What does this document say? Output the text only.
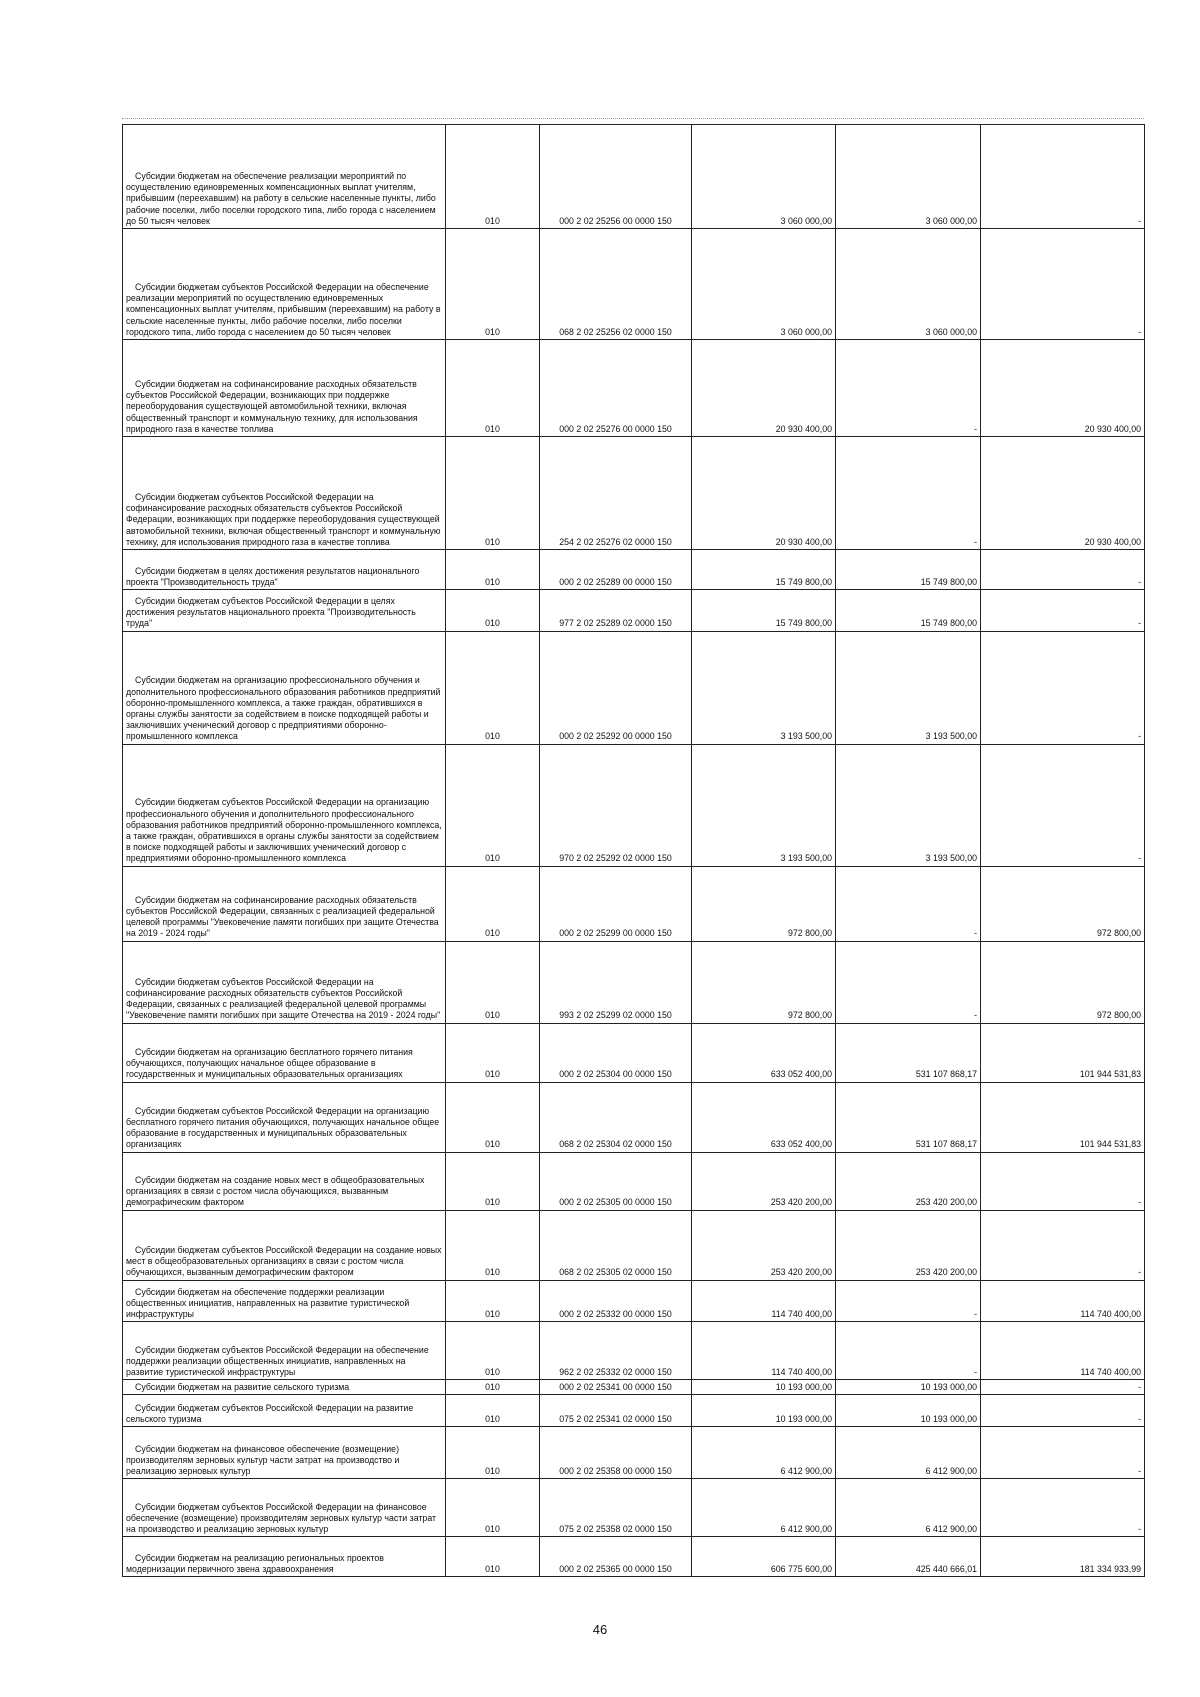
Субсидии бюджетам на обеспечение реализации мероприятий по осуществлению единовременных компенсационных выплат учителям, прибывшим (переехавшим) на работу в сельские населенные пункты, либо рабочие поселки, либо поселки городского типа, либо города с населением до 50 тысяч человек	010	000 2 02 25256 00 0000 150	3 060 000,00	3 060 000,00	-
Субсидии бюджетам субъектов Российской Федерации на обеспечение реализации мероприятий по осуществлению единовременных компенсационных выплат учителям, прибывшим (переехавшим) на работу в сельские населенные пункты, либо рабочие поселки, либо поселки городского типа, либо города с населением до 50 тысяч человек	010	068 2 02 25256 02 0000 150	3 060 000,00	3 060 000,00	-
Субсидии бюджетам на софинансирование расходных обязательств субъектов Российской Федерации, возникающих при поддержке переоборудования существующей автомобильной техники, включая общественный транспорт и коммунальную технику, для использования природного газа в качестве топлива	010	000 2 02 25276 00 0000 150	20 930 400,00	-	20 930 400,00
Субсидии бюджетам субъектов Российской Федерации на софинансирование расходных обязательств субъектов Российской Федерации, возникающих при поддержке переоборудования существующей автомобильной техники, включая общественный транспорт и коммунальную технику, для использования природного газа в качестве топлива	010	254 2 02 25276 02 0000 150	20 930 400,00	-	20 930 400,00
Субсидии бюджетам в целях достижения результатов национального проекта "Производительность труда"	010	000 2 02 25289 00 0000 150	15 749 800,00	15 749 800,00	-
Субсидии бюджетам субъектов Российской Федерации в целях достижения результатов национального проекта "Производительность труда"	010	977 2 02 25289 02 0000 150	15 749 800,00	15 749 800,00	-
Субсидии бюджетам на организацию профессионального обучения и дополнительного профессионального образования работников предприятий оборонно-промышленного комплекса, а также граждан, обратившихся в органы службы занятости за содействием в поиске подходящей работы и заключивших ученический договор с предприятиями оборонно-промышленного комплекса	010	000 2 02 25292 00 0000 150	3 193 500,00	3 193 500,00	-
Субсидии бюджетам субъектов Российской Федерации на организацию профессионального обучения и дополнительного профессионального образования работников предприятий оборонно-промышленного комплекса, а также граждан, обратившихся в органы службы занятости за содействием в поиске подходящей работы и заключивших ученический договор с предприятиями оборонно-промышленного комплекса	010	970 2 02 25292 02 0000 150	3 193 500,00	3 193 500,00	-
Субсидии бюджетам на софинансирование расходных обязательств субъектов Российской Федерации, связанных с реализацией федеральной целевой программы "Увековечение памяти погибших при защите Отечества на 2019 - 2024 годы"	010	000 2 02 25299 00 0000 150	972 800,00	-	972 800,00
Субсидии бюджетам субъектов Российской Федерации на софинансирование расходных обязательств субъектов Российской Федерации, связанных с реализацией федеральной целевой программы "Увековечение памяти погибших при защите Отечества на 2019 - 2024 годы"	010	993 2 02 25299 02 0000 150	972 800,00	-	972 800,00
Субсидии бюджетам на организацию бесплатного горячего питания обучающихся, получающих начальное общее образование в государственных и муниципальных образовательных организациях	010	000 2 02 25304 00 0000 150	633 052 400,00	531 107 868,17	101 944 531,83
Субсидии бюджетам субъектов Российской Федерации на организацию бесплатного горячего питания обучающихся, получающих начальное общее образование в государственных и муниципальных образовательных организациях	010	068 2 02 25304 02 0000 150	633 052 400,00	531 107 868,17	101 944 531,83
Субсидии бюджетам на создание новых мест в общеобразовательных организациях в связи с ростом числа обучающихся, вызванным демографическим фактором	010	000 2 02 25305 00 0000 150	253 420 200,00	253 420 200,00	-
Субсидии бюджетам субъектов Российской Федерации на создание новых мест в общеобразовательных организациях в связи с ростом числа обучающихся, вызванным демографическим фактором	010	068 2 02 25305 02 0000 150	253 420 200,00	253 420 200,00	-
Субсидии бюджетам на обеспечение поддержки реализации общественных инициатив, направленных на развитие туристической инфраструктуры	010	000 2 02 25332 00 0000 150	114 740 400,00	-	114 740 400,00
Субсидии бюджетам субъектов Российской Федерации на обеспечение поддержки реализации общественных инициатив, направленных на развитие туристической инфраструктуры	010	962 2 02 25332 02 0000 150	114 740 400,00	-	114 740 400,00
Субсидии бюджетам на развитие сельского туризма	010	000 2 02 25341 00 0000 150	10 193 000,00	10 193 000,00	-
Субсидии бюджетам субъектов Российской Федерации на развитие сельского туризма	010	075 2 02 25341 02 0000 150	10 193 000,00	10 193 000,00	-
Субсидии бюджетам на финансовое обеспечение (возмещение) производителям зерновых культур части затрат на производство и реализацию зерновых культур	010	000 2 02 25358 00 0000 150	6 412 900,00	6 412 900,00	-
Субсидии бюджетам субъектов Российской Федерации на финансовое обеспечение (возмещение) производителям зерновых культур части затрат на производство и реализацию зерновых культур	010	075 2 02 25358 02 0000 150	6 412 900,00	6 412 900,00	-
Субсидии бюджетам на реализацию региональных проектов модернизации первичного звена здравоохранения	010	000 2 02 25365 00 0000 150	606 775 600,00	425 440 666,01	181 334 933,99
46
